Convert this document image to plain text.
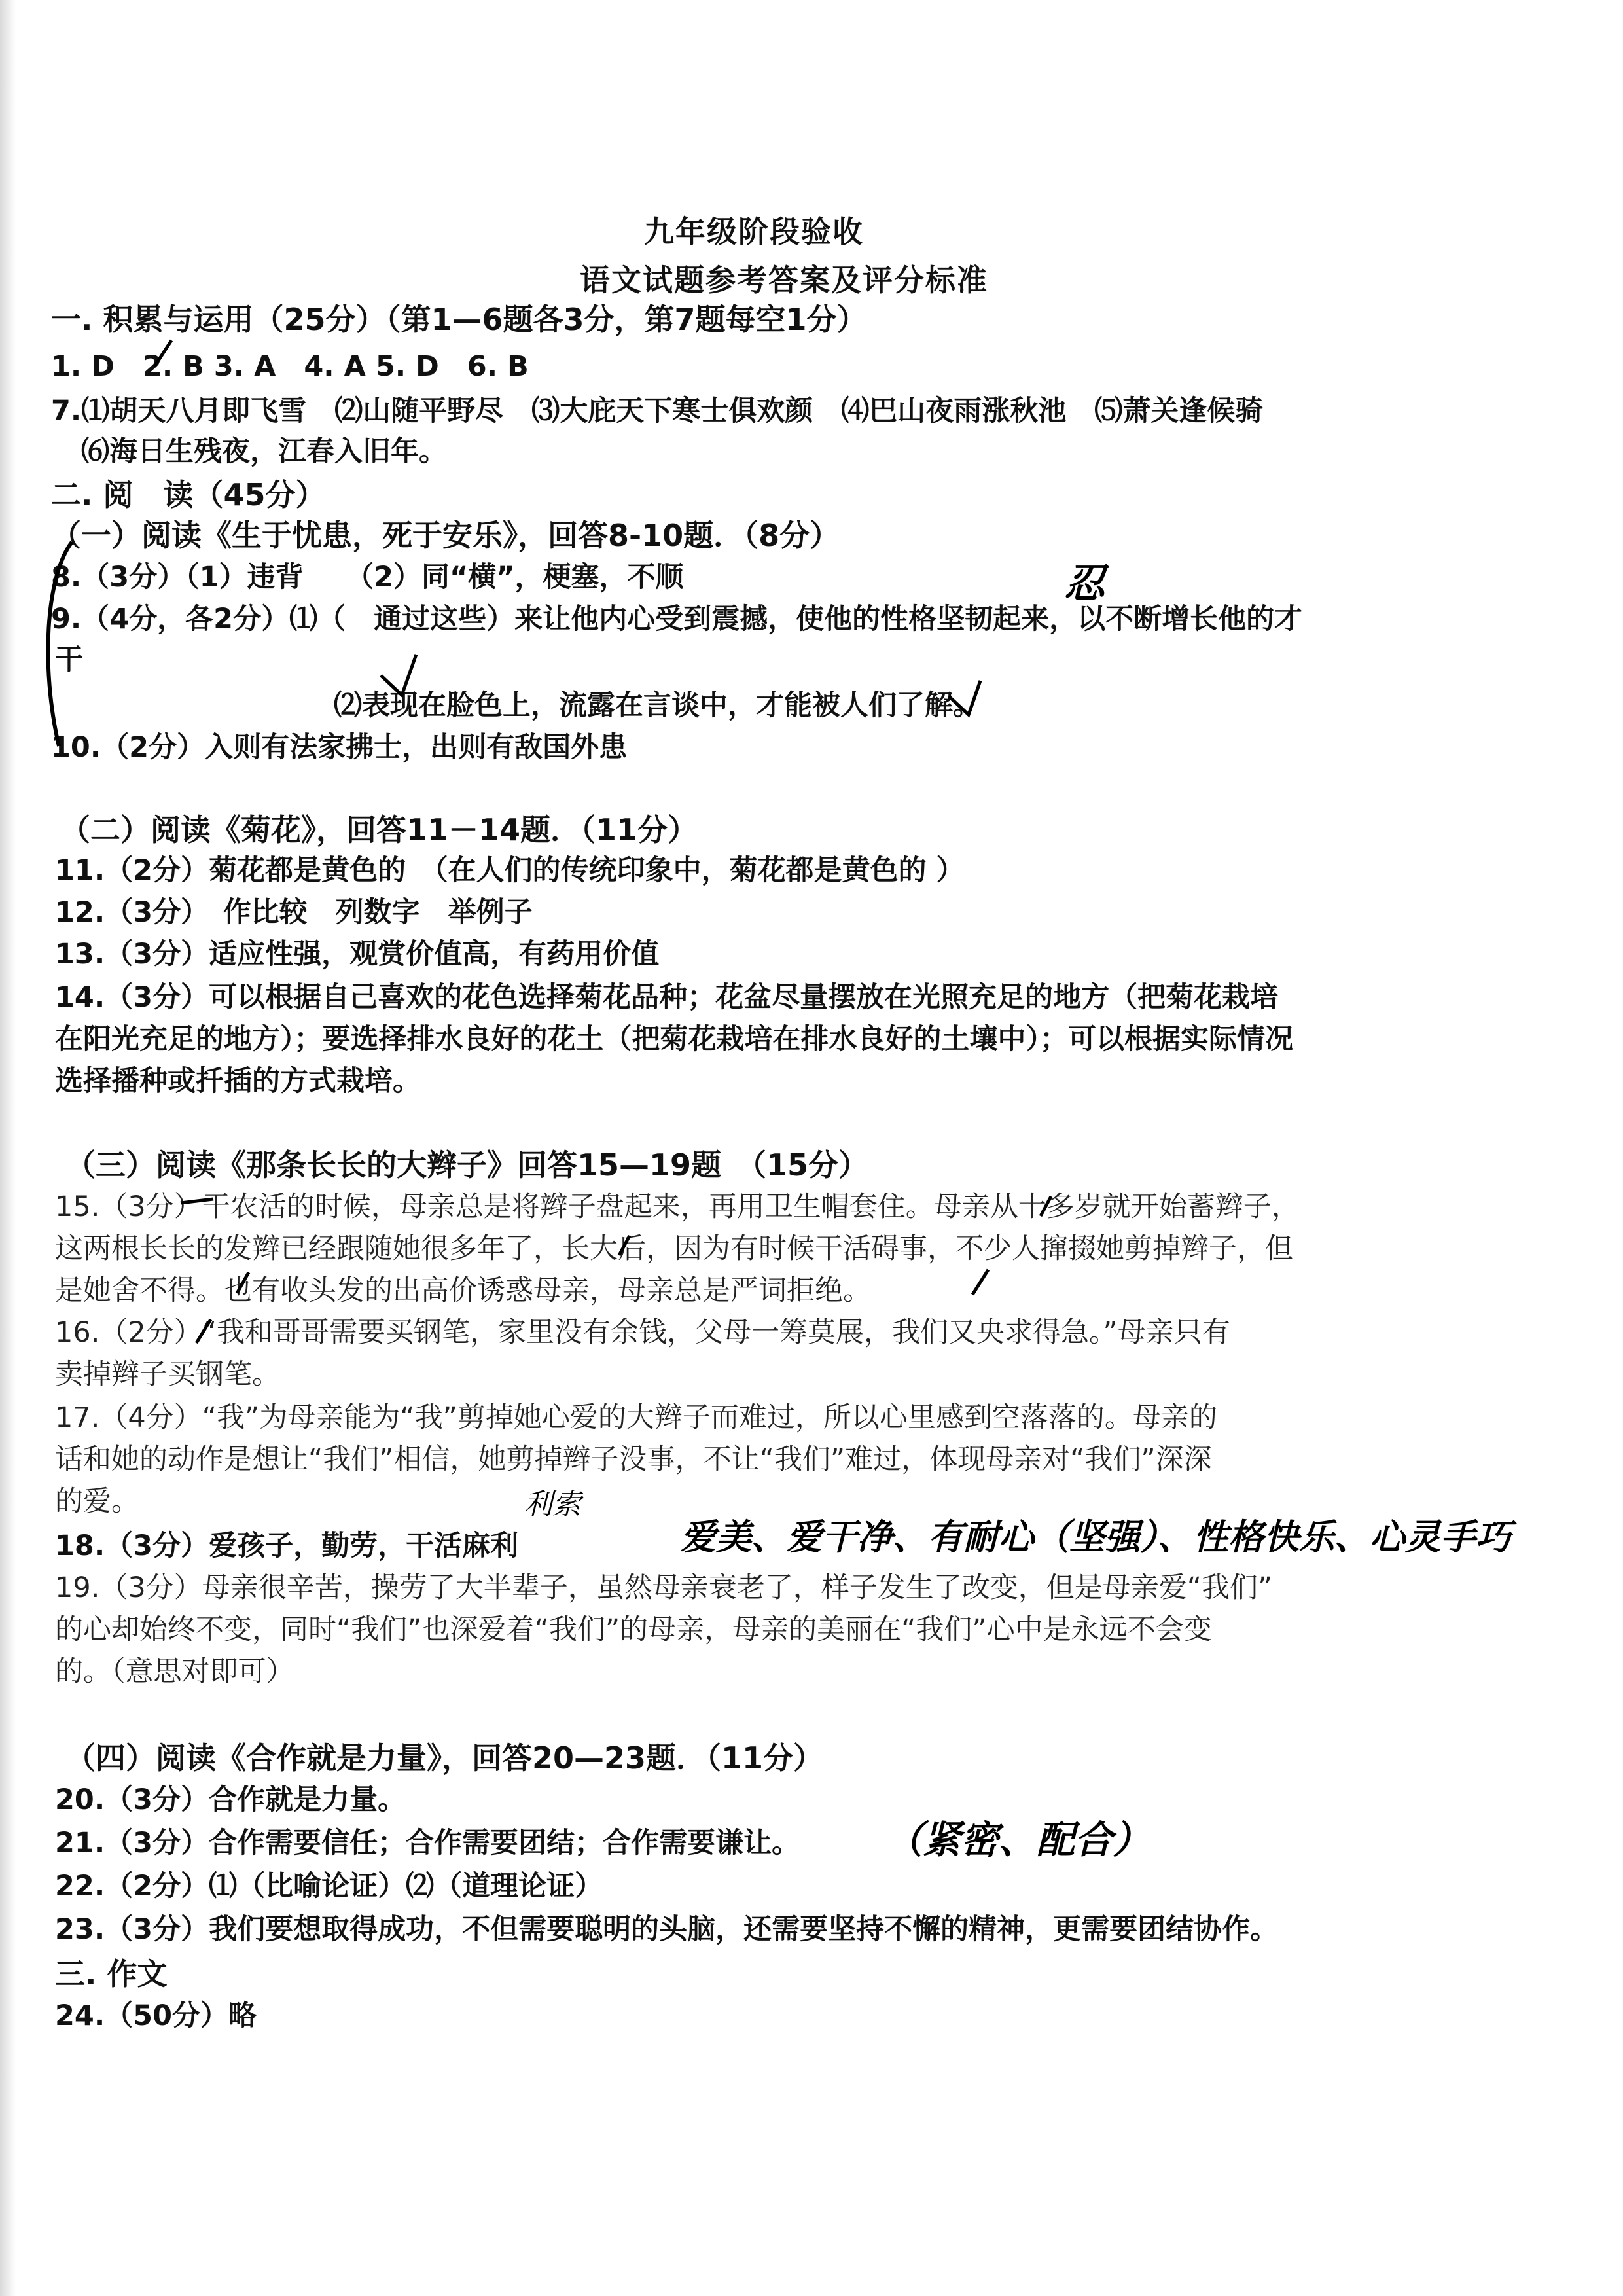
九年级阶段验收
语文试题参考答案及评分标准
一. 积累与运用（25分）（第1—6题各3分，第7题每空1分）
1. D　2. B 3. A　4. A 5. D　6. B
7.⑴胡天八月即飞雪　⑵山随平野尽　⑶大庇天下寒士俱欢颜　⑷巴山夜雨涨秋池　⑸萧关逢候骑
⑹海日生残夜，江春入旧年。
二. 阅　读（45分）
（一）阅读《生于忧患，死于安乐》，回答8-10题．（8分）
8.（3分）（1）违背　　（2）同“横”，梗塞，不顺
9.（4分，各2分）⑴（　通过这些）来让他内心受到震撼，使他的性格坚韧起来，以不断增长他的才
干
⑵表现在脸色上，流露在言谈中，才能被人们了解。
10.（2分）入则有法家拂士，出则有敌国外患
（二）阅读《菊花》，回答11－14题．（11分）
11.（2分）菊花都是黄色的　（在人们的传统印象中，菊花都是黄色的 ）
12.（3分）　作比较　列数字　举例子
13.（3分）适应性强，观赏价值高，有药用价值
14.（3分）可以根据自己喜欢的花色选择菊花品种；花盆尽量摆放在光照充足的地方（把菊花栽培
在阳光充足的地方）；要选择排水良好的花土（把菊花栽培在排水良好的土壤中）；可以根据实际情况
选择播种或扦插的方式栽培。
（三）阅读《那条长长的大辫子》回答15—19题　（15分）
15.（3分）干农活的时候，母亲总是将辫子盘起来，再用卫生帽套住。母亲从十多岁就开始蓄辫子，
这两根长长的发辫已经跟随她很多年了，长大后，因为有时候干活碍事，不少人撺掇她剪掉辫子，但
是她舍不得。也有收头发的出高价诱惑母亲，母亲总是严词拒绝。
16.（2分）“我和哥哥需要买钢笔，家里没有余钱，父母一筹莫展，我们又央求得急。”母亲只有
卖掉辫子买钢笔。
17.（4分）“我”为母亲能为“我”剪掉她心爱的大辫子而难过，所以心里感到空落落的。母亲的
话和她的动作是想让“我们”相信，她剪掉辫子没事，不让“我们”难过，体现母亲对“我们”深深
的爱。
18.（3分）爱孩子，勤劳，干活麻利
19.（3分）母亲很辛苦，操劳了大半辈子，虽然母亲衰老了，样子发生了改变，但是母亲爱“我们”
的心却始终不变，同时“我们”也深爱着“我们”的母亲，母亲的美丽在“我们”心中是永远不会变
的。（意思对即可）
（四）阅读《合作就是力量》，回答20—23题．（11分）
20.（3分）合作就是力量。
21.（3分）合作需要信任；合作需要团结；合作需要谦让。
22.（2分）⑴（比喻论证）⑵（道理论证）
23.（3分）我们要想取得成功，不但需要聪明的头脑，还需要坚持不懈的精神，更需要团结协作。
三. 作文
24.（50分）略
忍
利索
爱美、爱干净、有耐心（坚强）、性格快乐、心灵手巧
（紧密、配合）
